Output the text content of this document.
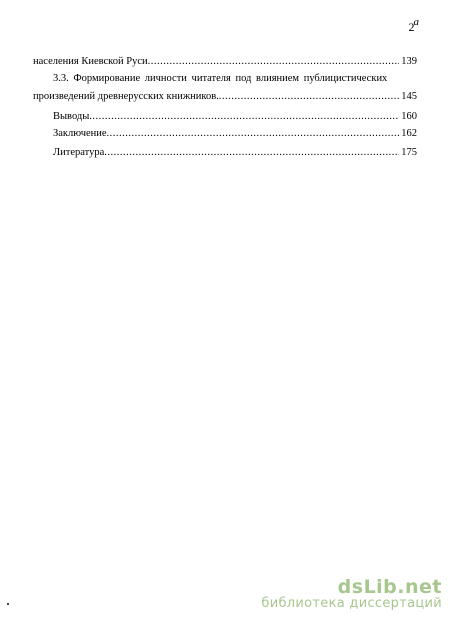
2a
населения Киевской Руси .....	139
3.3. Формирование личности читателя под влиянием публицистических
произведений древнерусских книжников. .....	145
Выводы .....	160
Заключение .....	162
Литература .....	175
dsLib.net
библиотека диссертаций
